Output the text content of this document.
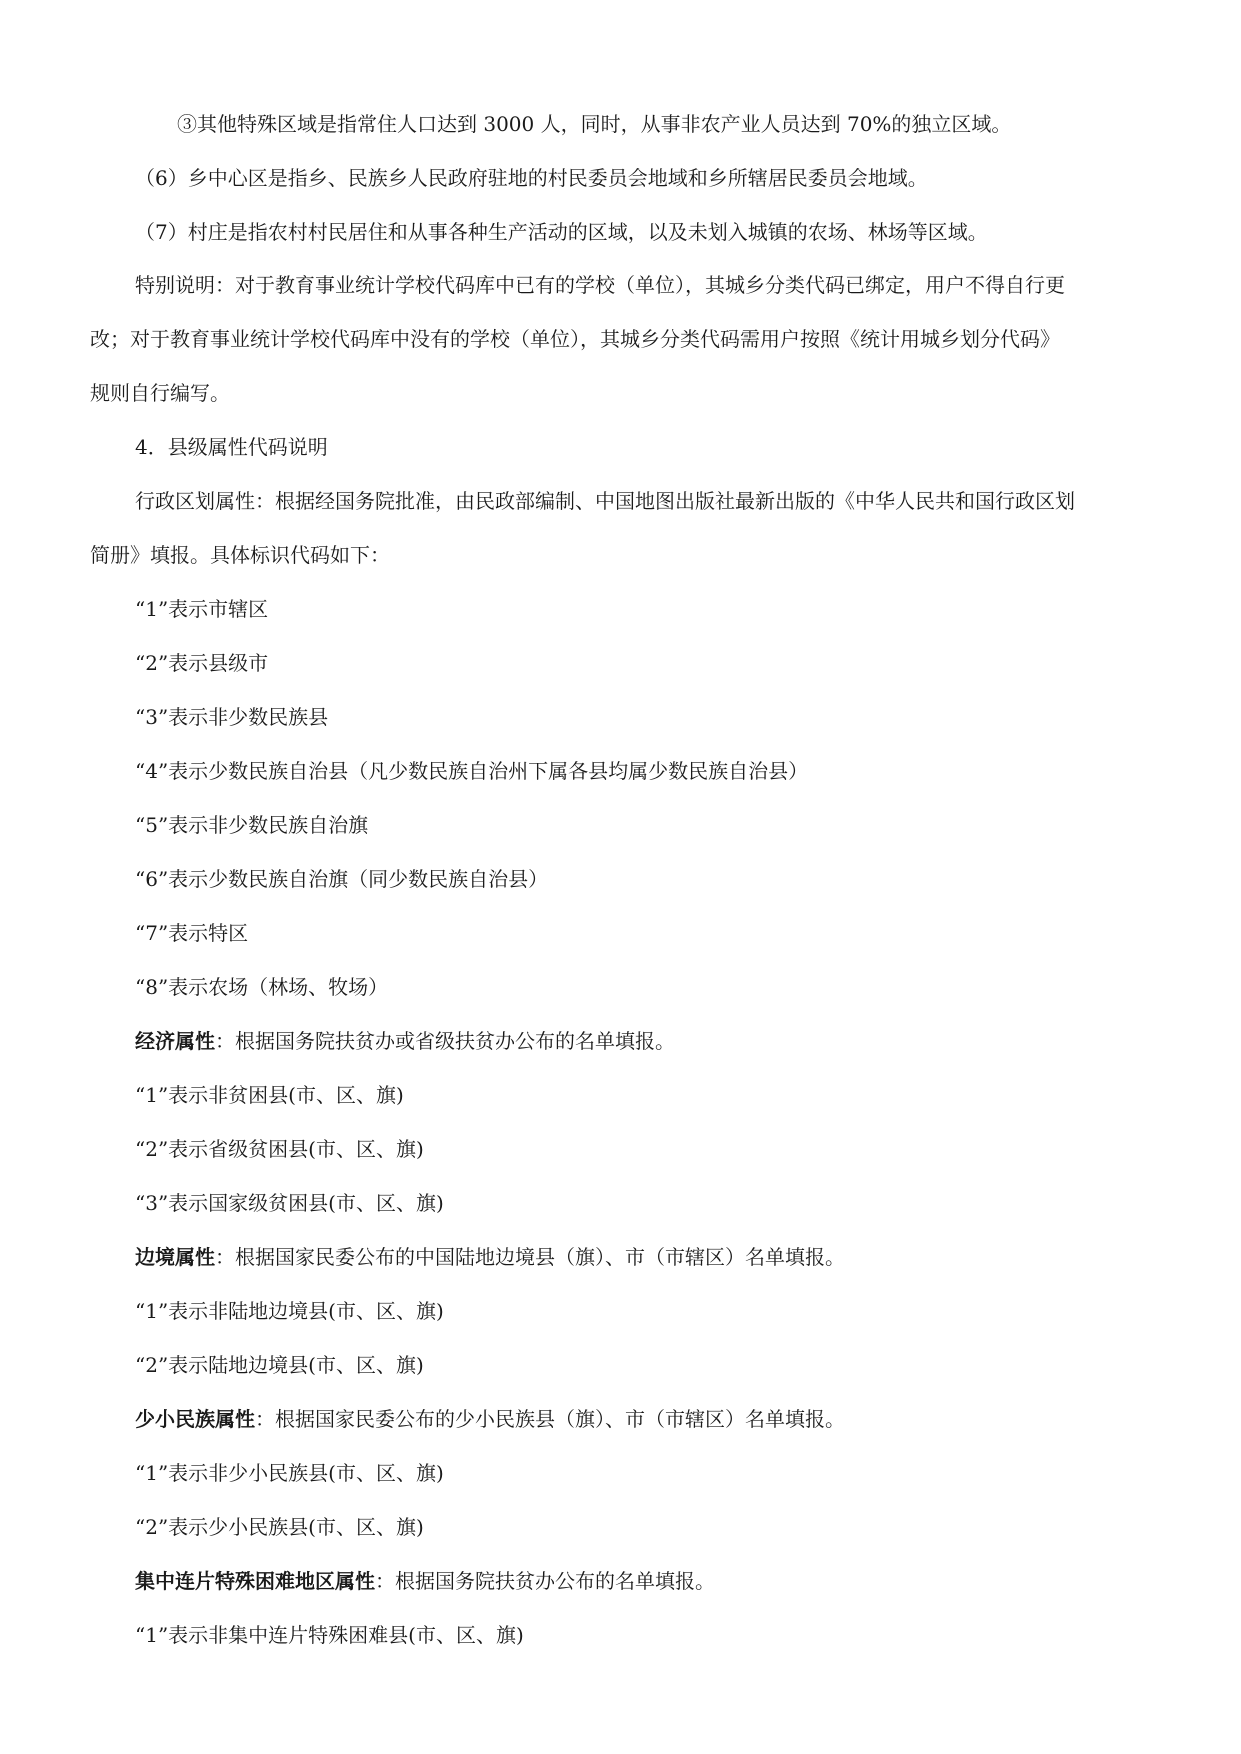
③其他特殊区域是指常住人口达到 3000 人，同时，从事非农产业人员达到 70%的独立区域。
（6）乡中心区是指乡、民族乡人民政府驻地的村民委员会地域和乡所辖居民委员会地域。
（7）村庄是指农村村民居住和从事各种生产活动的区域，以及未划入城镇的农场、林场等区域。
特别说明：对于教育事业统计学校代码库中已有的学校（单位），其城乡分类代码已绑定，用户不得自行更
改；对于教育事业统计学校代码库中没有的学校（单位），其城乡分类代码需用户按照《统计用城乡划分代码》
规则自行编写。
4．县级属性代码说明
行政区划属性：根据经国务院批准，由民政部编制、中国地图出版社最新出版的《中华人民共和国行政区划
简册》填报。具体标识代码如下：
“1”表示市辖区
“2”表示县级市
“3”表示非少数民族县
“4”表示少数民族自治县（凡少数民族自治州下属各县均属少数民族自治县）
“5”表示非少数民族自治旗
“6”表示少数民族自治旗（同少数民族自治县）
“7”表示特区
“8”表示农场（林场、牧场）
经济属性：根据国务院扶贫办或省级扶贫办公布的名单填报。
“1”表示非贫困县(市、区、旗)
“2”表示省级贫困县(市、区、旗)
“3”表示国家级贫困县(市、区、旗)
边境属性：根据国家民委公布的中国陆地边境县（旗）、市（市辖区）名单填报。
“1”表示非陆地边境县(市、区、旗)
“2”表示陆地边境县(市、区、旗)
少小民族属性：根据国家民委公布的少小民族县（旗）、市（市辖区）名单填报。
“1”表示非少小民族县(市、区、旗)
“2”表示少小民族县(市、区、旗)
集中连片特殊困难地区属性：根据国务院扶贫办公布的名单填报。
“1”表示非集中连片特殊困难县(市、区、旗)
